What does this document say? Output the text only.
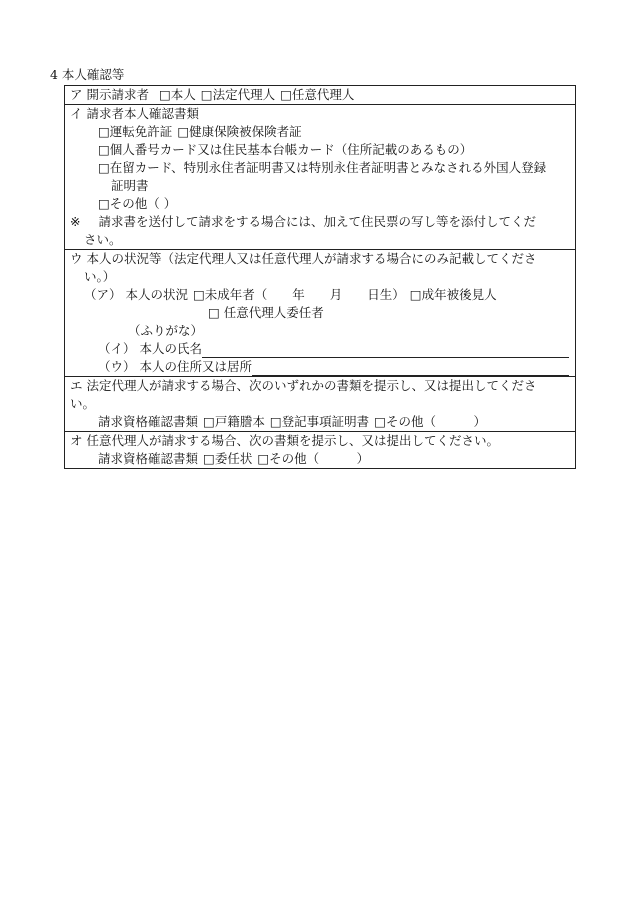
4 本人確認等
ア 開示請求者 □本人 □法定代理人 □任意代理人
イ 請求者本人確認書類
□運転免許証 □健康保険被保険者証
□個人番号カード又は住民基本台帳カード（住所記載のあるもの）
□在留カード、特別永住者証明書又は特別永住者証明書とみなされる外国人登録
証明書
□その他（ ）
※ 請求書を送付して請求をする場合には、加えて住民票の写し等を添付してくだ
さい。
ウ 本人の状況等（法定代理人又は任意代理人が請求する場合にのみ記載してくださ
い。）
（ア） 本人の状況 □未成年者（　　年　　月　　日生） □成年被後見人
□ 任意代理人委任者
（ふりがな）
（イ） 本人の氏名
（ウ） 本人の住所又は居所
エ 法定代理人が請求する場合、次のいずれかの書類を提示し、又は提出してくださ
い。
請求資格確認書類 □戸籍謄本 □登記事項証明書 □その他（　　　）
オ 任意代理人が請求する場合、次の書類を提示し、又は提出してください。
請求資格確認書類 □委任状 □その他（　　　）
